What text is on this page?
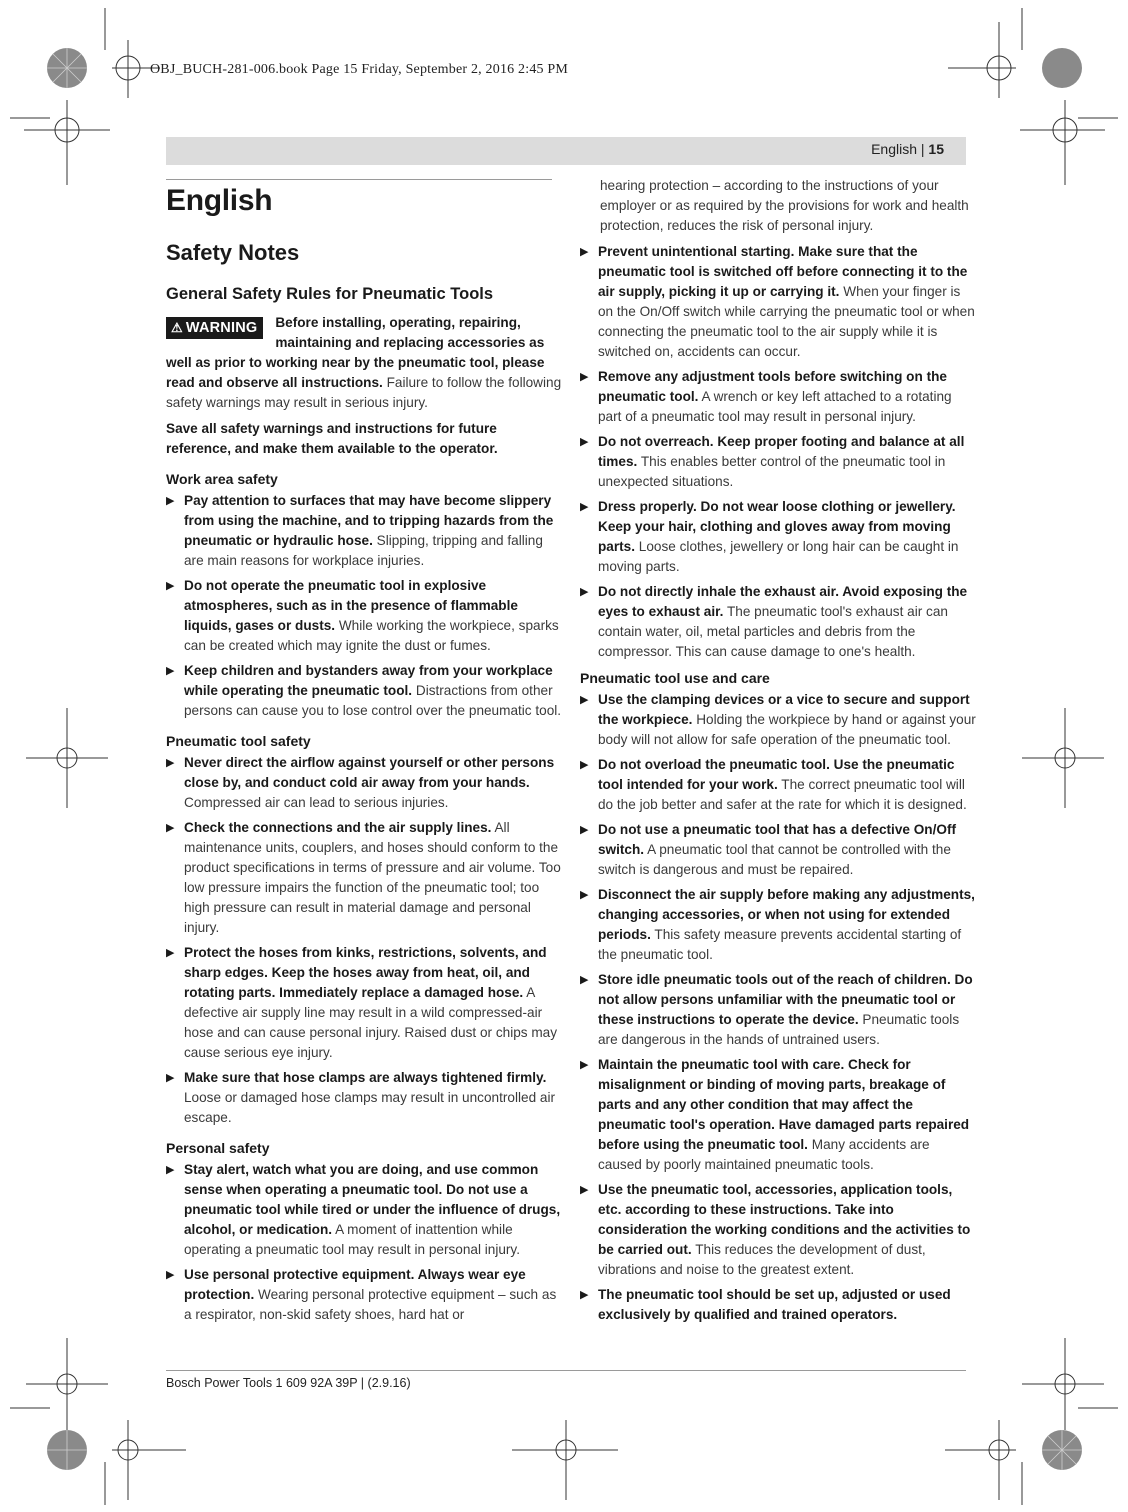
OBJ_BUCH-281-006.book Page 15 Friday, September 2, 2016 2:45 PM
English | 15
English
Safety Notes
General Safety Rules for Pneumatic Tools
⚠ WARNING	Before installing, operating, repairing, maintaining and replacing accessories as well as prior to working near by the pneumatic tool, please read and observe all instructions. Failure to follow the following safety warnings may result in serious injury.

Save all safety warnings and instructions for future reference, and make them available to the operator.

Work area safety
▶ Pay attention to surfaces that may have become slippery from using the machine, and to tripping hazards from the pneumatic or hydraulic hose. Slipping, tripping and falling are main reasons for workplace injuries.
▶ Do not operate the pneumatic tool in explosive atmospheres, such as in the presence of flammable liquids, gases or dusts. While working the workpiece, sparks can be created which may ignite the dust or fumes.
▶ Keep children and bystanders away from your workplace while operating the pneumatic tool. Distractions from other persons can cause you to lose control over the pneumatic tool.
Pneumatic tool safety
▶ Never direct the airflow against yourself or other persons close by, and conduct cold air away from your hands. Compressed air can lead to serious injuries.
▶ Check the connections and the air supply lines. All maintenance units, couplers, and hoses should conform to the product specifications in terms of pressure and air volume. Too low pressure impairs the function of the pneumatic tool; too high pressure can result in material damage and personal injury.
▶ Protect the hoses from kinks, restrictions, solvents, and sharp edges. Keep the hoses away from heat, oil, and rotating parts. Immediately replace a damaged hose. A defective air supply line may result in a wild compressed-air hose and can cause personal injury. Raised dust or chips may cause serious eye injury.
▶ Make sure that hose clamps are always tightened firmly. Loose or damaged hose clamps may result in uncontrolled air escape.
Personal safety
▶ Stay alert, watch what you are doing, and use common sense when operating a pneumatic tool. Do not use a pneumatic tool while tired or under the influence of drugs, alcohol, or medication. A moment of inattention while operating a pneumatic tool may result in personal injury.
▶ Use personal protective equipment. Always wear eye protection. Wearing personal protective equipment – such as a respirator, non-skid safety shoes, hard hat or

hearing protection – according to the instructions of your employer or as required by the provisions for work and health protection, reduces the risk of personal injury.

▶ Prevent unintentional starting. Make sure that the pneumatic tool is switched off before connecting it to the air supply, picking it up or carrying it. When your finger is on the On/Off switch while carrying the pneumatic tool or when connecting the pneumatic tool to the air supply while it is switched on, accidents can occur.
▶ Remove any adjustment tools before switching on the pneumatic tool. A wrench or key left attached to a rotating part of a pneumatic tool may result in personal injury.
▶ Do not overreach. Keep proper footing and balance at all times. This enables better control of the pneumatic tool in unexpected situations.
▶ Dress properly. Do not wear loose clothing or jewellery. Keep your hair, clothing and gloves away from moving parts. Loose clothes, jewellery or long hair can be caught in moving parts.
▶ Do not directly inhale the exhaust air. Avoid exposing the eyes to exhaust air. The pneumatic tool's exhaust air can contain water, oil, metal particles and debris from the compressor. This can cause damage to one's health.
Pneumatic tool use and care
▶ Use the clamping devices or a vice to secure and support the workpiece. Holding the workpiece by hand or against your body will not allow for safe operation of the pneumatic tool.
▶ Do not overload the pneumatic tool. Use the pneumatic tool intended for your work. The correct pneumatic tool will do the job better and safer at the rate for which it is designed.
▶ Do not use a pneumatic tool that has a defective On/Off switch. A pneumatic tool that cannot be controlled with the switch is dangerous and must be repaired.
▶ Disconnect the air supply before making any adjustments, changing accessories, or when not using for extended periods. This safety measure prevents accidental starting of the pneumatic tool.
▶ Store idle pneumatic tools out of the reach of children. Do not allow persons unfamiliar with the pneumatic tool or these instructions to operate the device. Pneumatic tools are dangerous in the hands of untrained users.
▶ Maintain the pneumatic tool with care. Check for misalignment or binding of moving parts, breakage of parts and any other condition that may affect the pneumatic tool's operation. Have damaged parts repaired before using the pneumatic tool. Many accidents are caused by poorly maintained pneumatic tools.
▶ Use the pneumatic tool, accessories, application tools, etc. according to these instructions. Take into consideration the working conditions and the activities to be carried out. This reduces the development of dust, vibrations and noise to the greatest extent.
▶ The pneumatic tool should be set up, adjusted or used exclusively by qualified and trained operators.
Bosch Power Tools 1 609 92A 39P | (2.9.16)
